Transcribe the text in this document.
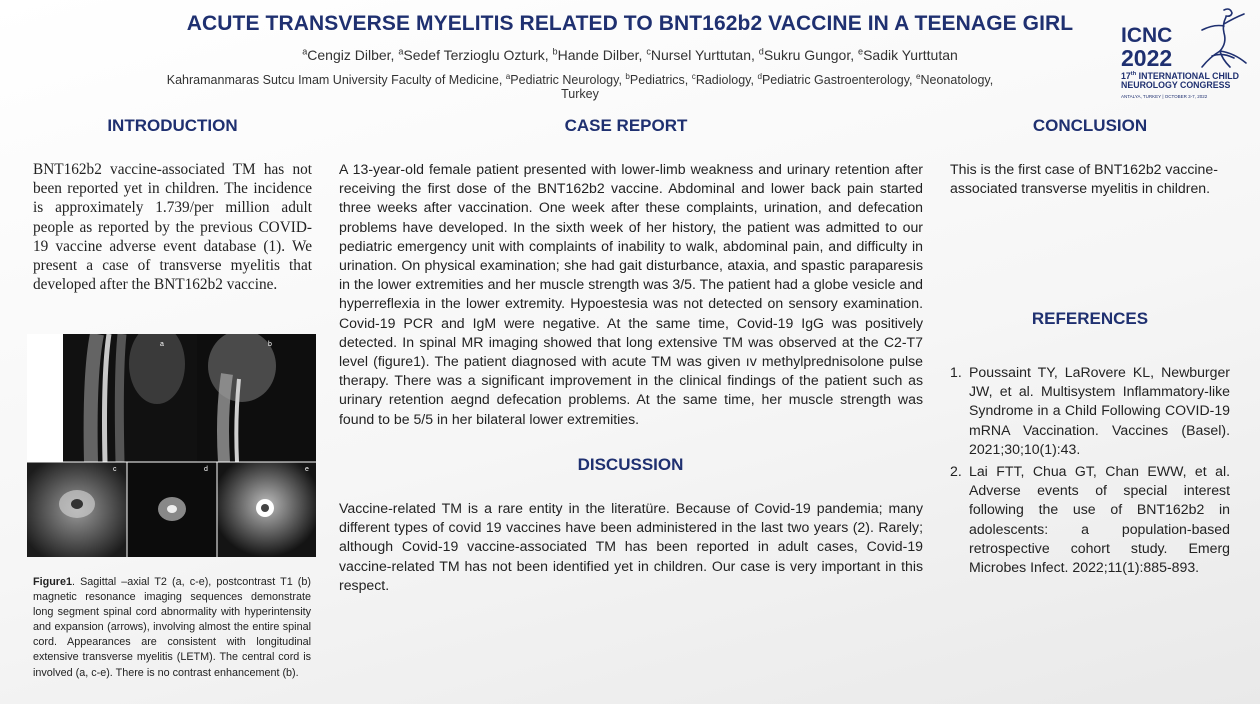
ACUTE TRANSVERSE MYELITIS RELATED TO BNT162b2 VACCINE IN A TEENAGE GIRL
$^a$Cengiz Dilber, $^a$Sedef Terzioglu Ozturk, $^b$Hande Dilber, $^c$Nursel Yurttutan, $^d$Sukru Gungor, $^e$Sadik Yurttutan
Kahramanmaras Sutcu Imam University Faculty of Medicine, $^a$Pediatric Neurology, $^b$Pediatrics, $^c$Radiology, $^d$Pediatric Gastroenterology, $^e$Neonatology, Turkey
ICNC
2022
17th INTERNATIONAL CHILD NEUROLOGY CONGRESS
ANTALYA, TURKEY | OCTOBER 3-7, 2022
INTRODUCTION
BNT162b2 vaccine-associated TM has not been reported yet in children. The incidence is approximately 1.739/per million adult people as reported by the previous COVID-19 vaccine adverse event database (1). We present a case of transverse myelitis that developed after the BNT162b2 vaccine.
a	b
c	d	e
Figure1. Sagittal –axial T2 (a, c-e), postcontrast T1 (b) magnetic resonance imaging sequences demonstrate long segment spinal cord abnormality with hyperintensity and expansion (arrows), involving almost the entire spinal cord. Appearances are consistent with longitudinal extensive transverse myelitis (LETM). The central cord is involved (a, c-e). There is no contrast enhancement (b).
CASE REPORT
A 13-year-old female patient presented with lower-limb weakness and urinary retention after receiving the first dose of the BNT162b2 vaccine. Abdominal and lower back pain started three weeks after vaccination. One week after these complaints, urination, and defecation problems have developed. In the sixth week of her history, the patient was admitted to our pediatric emergency unit with complaints of inability to walk, abdominal pain, and difficulty in urination. On physical examination; she had gait disturbance, ataxia, and spastic paraparesis in the lower extremities and her muscle strength was 3/5. The patient had a globe vesicle and hyperreflexia in the lower extremity. Hypoestesia was not detected on sensory examination. Covid-19 PCR and IgM were negative. At the same time, Covid-19 IgG was positively detected. In spinal MR imaging showed that long extensive TM was observed at the C2-T7 level (figure1). The patient diagnosed with acute TM was given ıv methylprednisolone pulse therapy. There was a significant improvement in the clinical findings of the patient such as urinary retention aegnd defecation problems. At the same time, her muscle strength was found to be 5/5 in her bilateral lower extremities.
DISCUSSION
Vaccine-related TM is a rare entity in the literatüre. Because of Covid-19 pandemia; many different types of covid 19 vaccines have been administered in the last two years (2). Rarely; although Covid-19 vaccine-associated TM has been reported in adult cases, Covid-19 vaccine-related TM has not been identified yet in children. Our case is very important in this respect.
CONCLUSION
This is the first case of BNT162b2 vaccine-associated transverse myelitis in children.
REFERENCES
1. Poussaint TY, LaRovere KL, Newburger JW, et al. Multisystem Inflammatory-like Syndrome in a Child Following COVID-19 mRNA Vaccination. Vaccines (Basel). 2021;30;10(1):43.
2. Lai FTT, Chua GT, Chan EWW, et al. Adverse events of special interest following the use of BNT162b2 in adolescents: a population-based retrospective cohort study. Emerg Microbes Infect. 2022;11(1):885-893.
